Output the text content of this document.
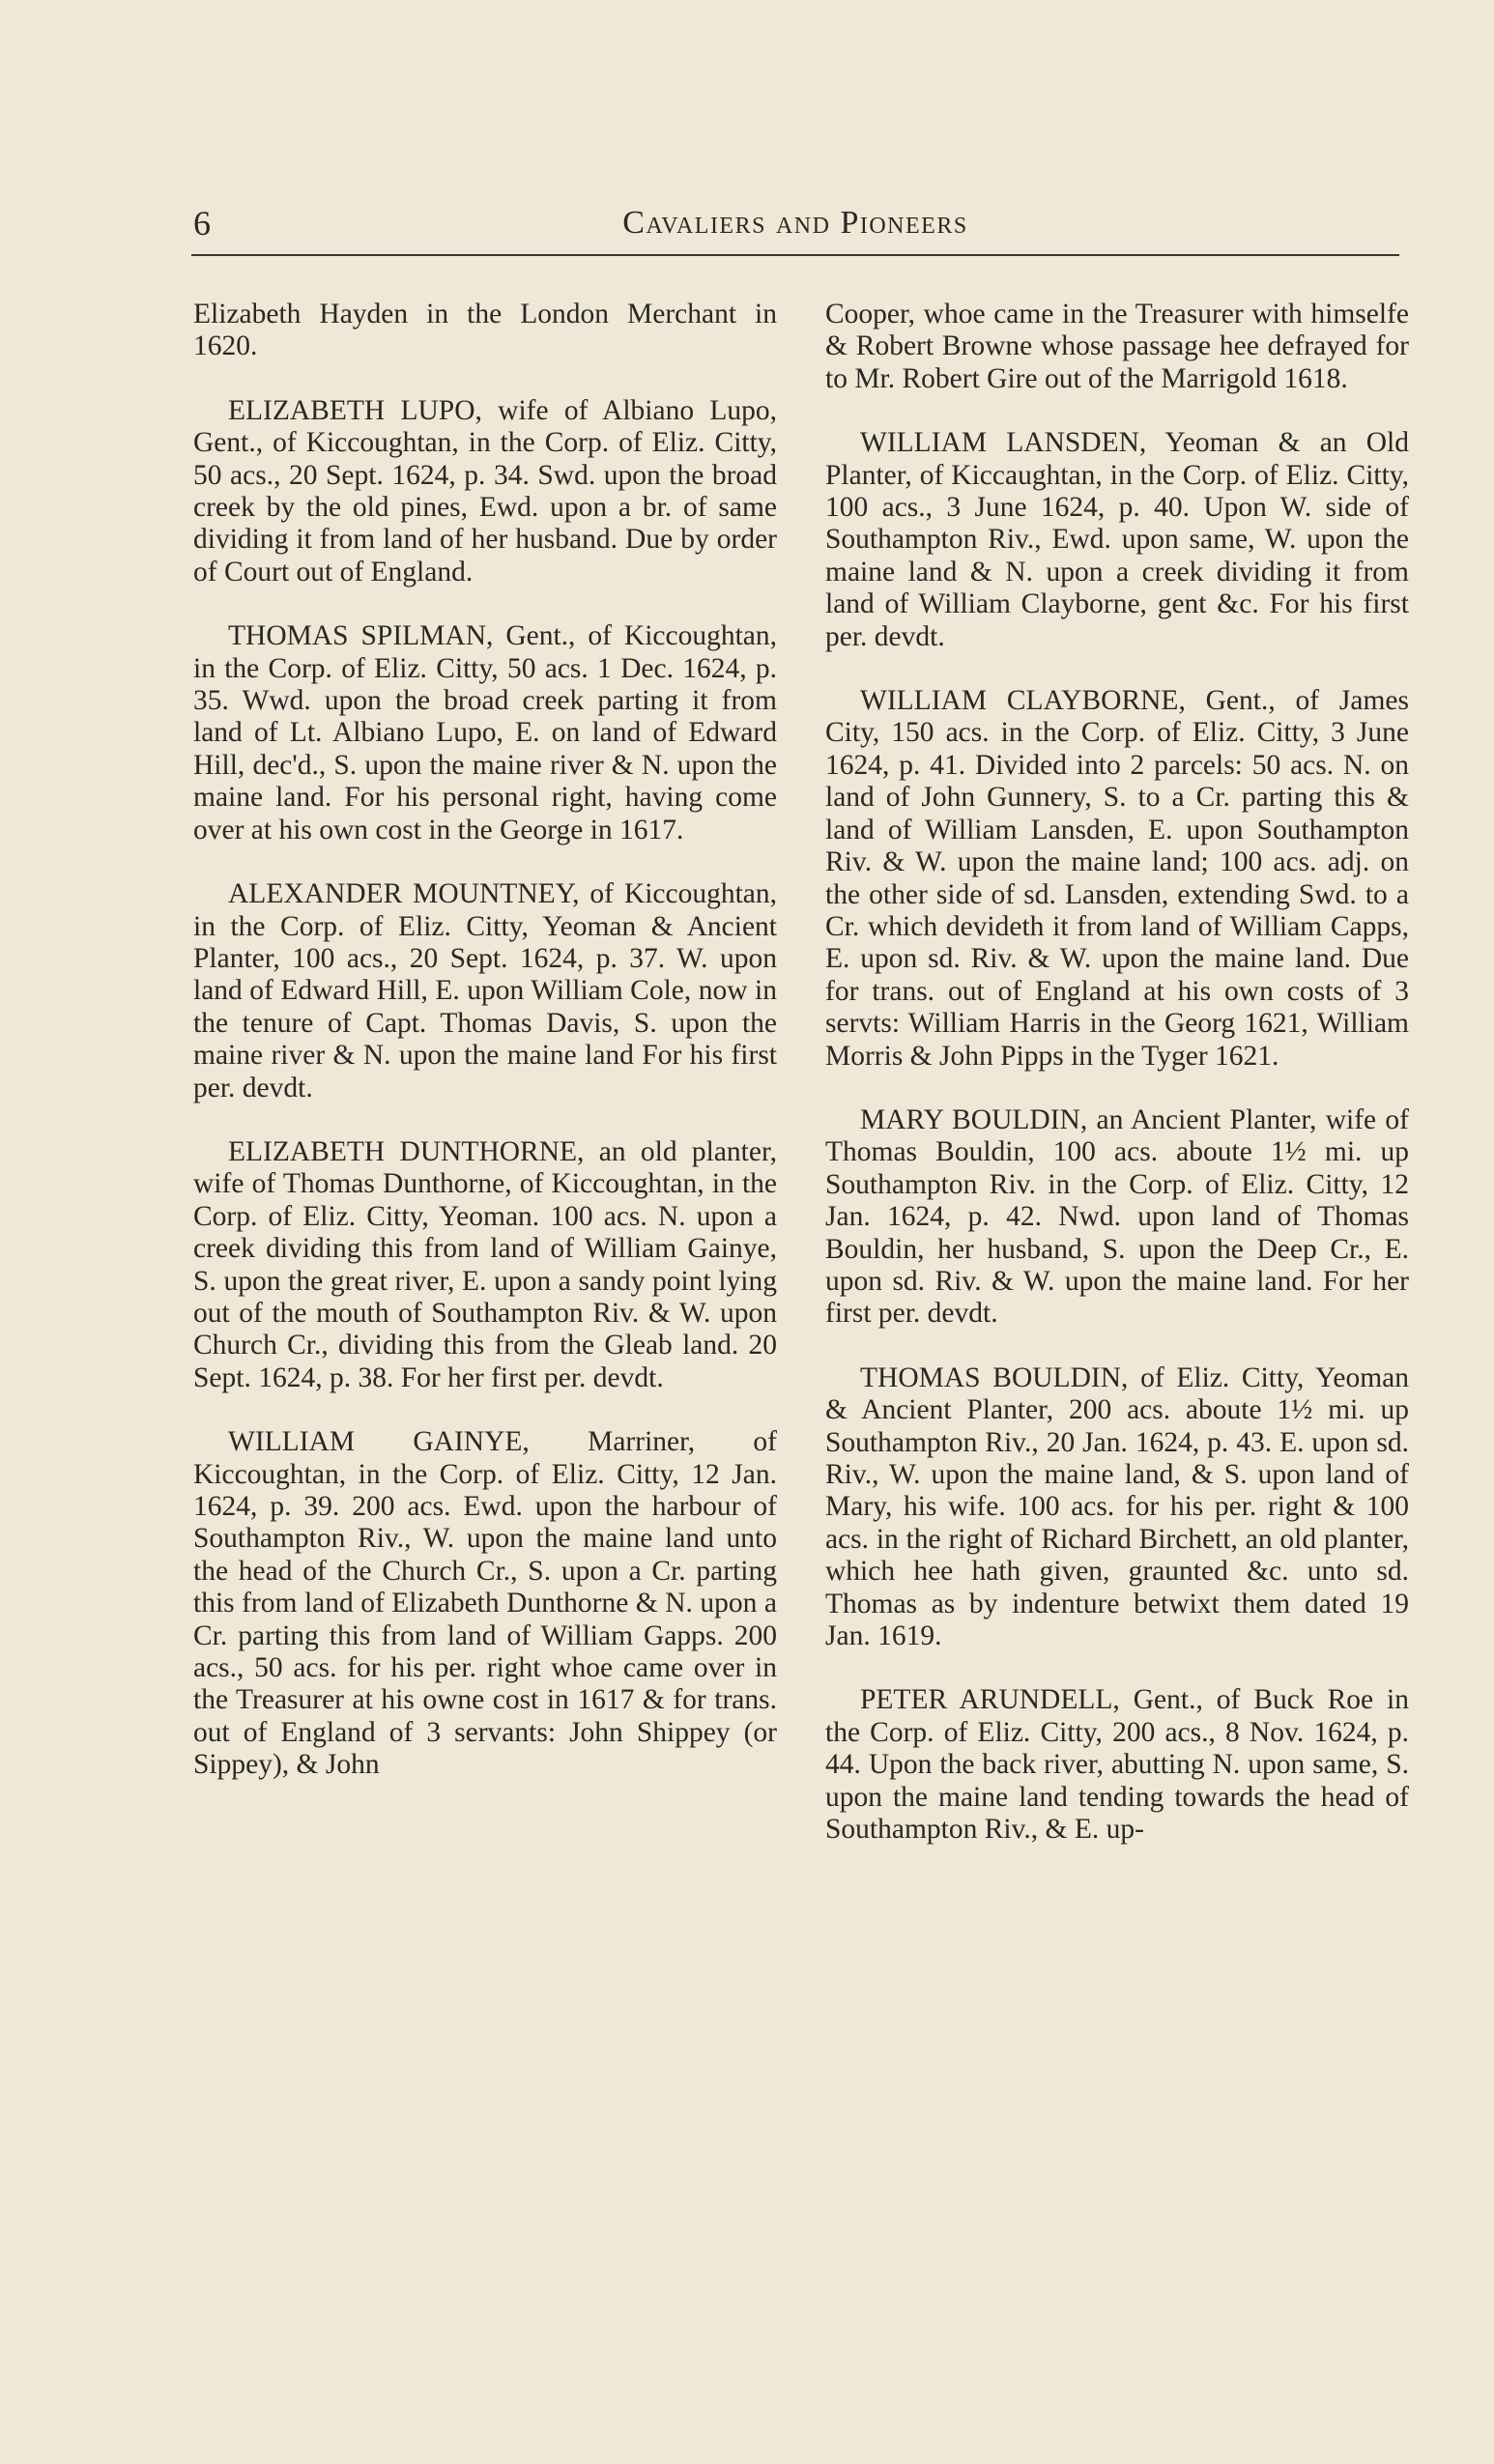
6	Cavaliers and Pioneers

Elizabeth Hayden in the London Merchant in 1620.

ELIZABETH LUPO, wife of Albiano Lupo, Gent., of Kiccoughtan, in the Corp. of Eliz. Citty, 50 acs., 20 Sept. 1624, p. 34. Swd. upon the broad creek by the old pines, Ewd. upon a br. of same dividing it from land of her husband. Due by order of Court out of England.

THOMAS SPILMAN, Gent., of Kiccoughtan, in the Corp. of Eliz. Citty, 50 acs. 1 Dec. 1624, p. 35. Wwd. upon the broad creek parting it from land of Lt. Albiano Lupo, E. on land of Edward Hill, dec'd., S. upon the maine river & N. upon the maine land. For his personal right, having come over at his own cost in the George in 1617.

ALEXANDER MOUNTNEY, of Kiccoughtan, in the Corp. of Eliz. Citty, Yeoman & Ancient Planter, 100 acs., 20 Sept. 1624, p. 37. W. upon land of Edward Hill, E. upon William Cole, now in the tenure of Capt. Thomas Davis, S. upon the maine river & N. upon the maine land For his first per. devdt.

ELIZABETH DUNTHORNE, an old planter, wife of Thomas Dunthorne, of Kiccoughtan, in the Corp. of Eliz. Citty, Yeoman. 100 acs. N. upon a creek dividing this from land of William Gainye, S. upon the great river, E. upon a sandy point lying out of the mouth of Southampton Riv. & W. upon Church Cr., dividing this from the Gleab land. 20 Sept. 1624, p. 38. For her first per. devdt.

WILLIAM GAINYE, Marriner, of Kiccoughtan, in the Corp. of Eliz. Citty, 12 Jan. 1624, p. 39. 200 acs. Ewd. upon the harbour of Southampton Riv., W. upon the maine land unto the head of the Church Cr., S. upon a Cr. parting this from land of Elizabeth Dunthorne & N. upon a Cr. parting this from land of William Gapps. 200 acs., 50 acs. for his per. right whoe came over in the Treasurer at his owne cost in 1617 & for trans. out of England of 3 servants: John Shippey (or Sippey), & John

Cooper, whoe came in the Treasurer with himselfe & Robert Browne whose passage hee defrayed for to Mr. Robert Gire out of the Marrigold 1618.

WILLIAM LANSDEN, Yeoman & an Old Planter, of Kiccaughtan, in the Corp. of Eliz. Citty, 100 acs., 3 June 1624, p. 40. Upon W. side of Southampton Riv., Ewd. upon same, W. upon the maine land & N. upon a creek dividing it from land of William Clayborne, gent &c. For his first per. devdt.

WILLIAM CLAYBORNE, Gent., of James City, 150 acs. in the Corp. of Eliz. Citty, 3 June 1624, p. 41. Divided into 2 parcels: 50 acs. N. on land of John Gunnery, S. to a Cr. parting this & land of William Lansden, E. upon Southampton Riv. & W. upon the maine land; 100 acs. adj. on the other side of sd. Lansden, extending Swd. to a Cr. which devideth it from land of William Capps, E. upon sd. Riv. & W. upon the maine land. Due for trans. out of England at his own costs of 3 servts: William Harris in the Georg 1621, William Morris & John Pipps in the Tyger 1621.

MARY BOULDIN, an Ancient Planter, wife of Thomas Bouldin, 100 acs. aboute 1½ mi. up Southampton Riv. in the Corp. of Eliz. Citty, 12 Jan. 1624, p. 42. Nwd. upon land of Thomas Bouldin, her husband, S. upon the Deep Cr., E. upon sd. Riv. & W. upon the maine land. For her first per. devdt.

THOMAS BOULDIN, of Eliz. Citty, Yeoman & Ancient Planter, 200 acs. aboute 1½ mi. up Southampton Riv., 20 Jan. 1624, p. 43. E. upon sd. Riv., W. upon the maine land, & S. upon land of Mary, his wife. 100 acs. for his per. right & 100 acs. in the right of Richard Birchett, an old planter, which hee hath given, graunted &c. unto sd. Thomas as by indenture betwixt them dated 19 Jan. 1619.

PETER ARUNDELL, Gent., of Buck Roe in the Corp. of Eliz. Citty, 200 acs., 8 Nov. 1624, p. 44. Upon the back river, abutting N. upon same, S. upon the maine land tending towards the head of Southampton Riv., & E. up-
